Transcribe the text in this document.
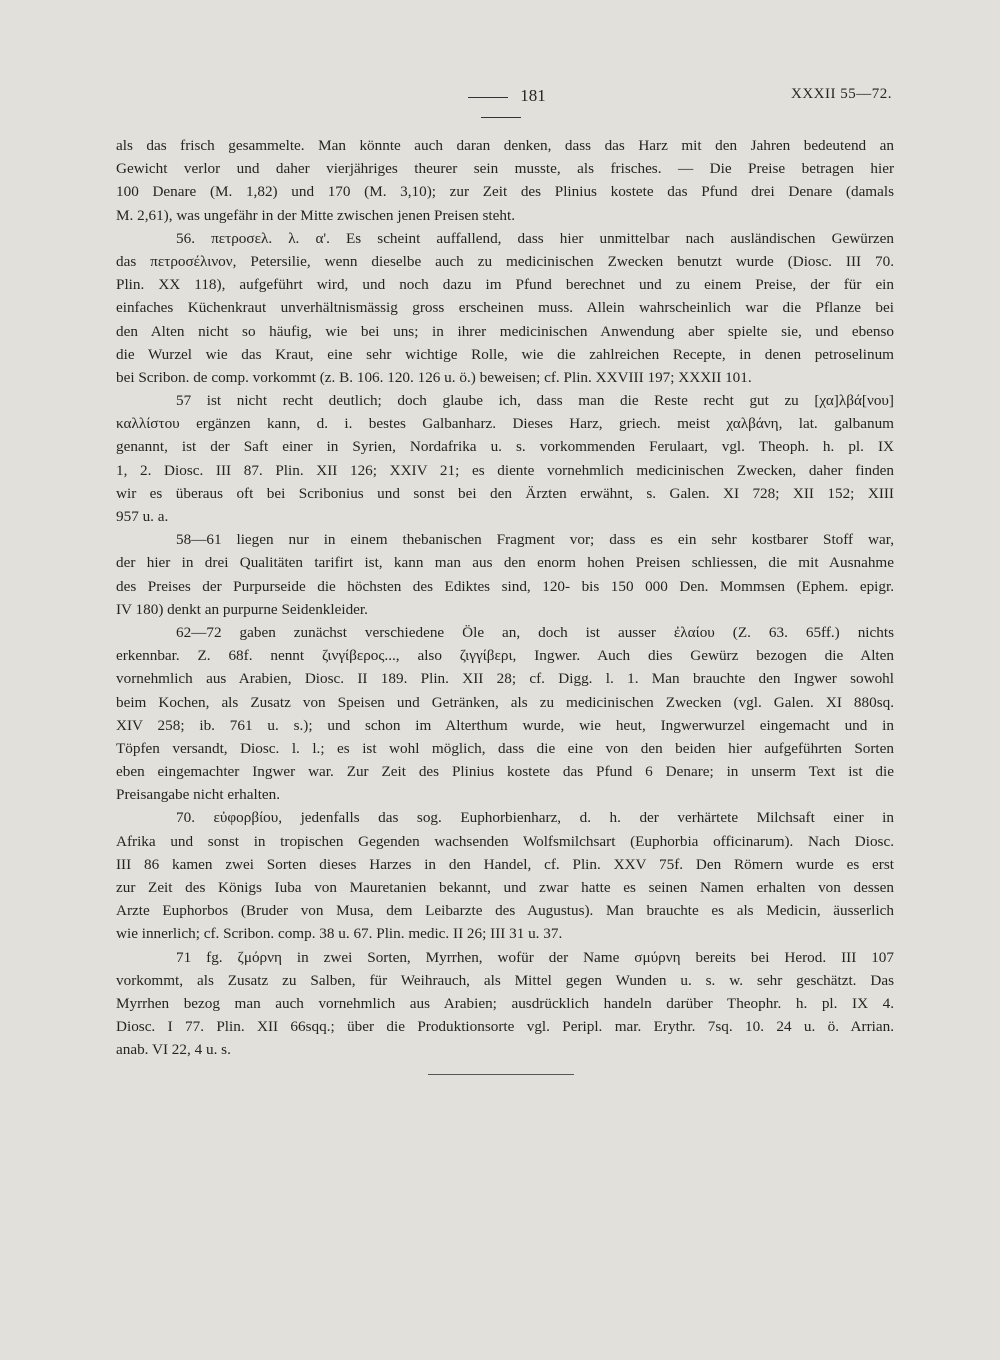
181	XXXII 55—72.
als das frisch gesammelte. Man könnte auch daran denken, dass das Harz mit den Jahren bedeutend an
Gewicht verlor und daher vierjähriges theurer sein musste, als frisches. — Die Preise betragen hier
100 Denare (M. 1,82) und 170 (M. 3,10); zur Zeit des Plinius kostete das Pfund drei Denare (damals
M. 2,61), was ungefähr in der Mitte zwischen jenen Preisen steht.
56. πετροσελ. λ. α'. Es scheint auffallend, dass hier unmittelbar nach ausländischen Gewürzen
das πετροσέλινον, Petersilie, wenn dieselbe auch zu medicinischen Zwecken benutzt wurde (Diosc. III 70.
Plin. XX 118), aufgeführt wird, und noch dazu im Pfund berechnet und zu einem Preise, der für ein
einfaches Küchenkraut unverhältnismässig gross erscheinen muss. Allein wahrscheinlich war die Pflanze bei
den Alten nicht so häufig, wie bei uns; in ihrer medicinischen Anwendung aber spielte sie, und ebenso
die Wurzel wie das Kraut, eine sehr wichtige Rolle, wie die zahlreichen Recepte, in denen petroselinum
bei Scribon. de comp. vorkommt (z. B. 106. 120. 126 u. ö.) beweisen; cf. Plin. XXVIII 197; XXXII 101.
57 ist nicht recht deutlich; doch glaube ich, dass man die Reste recht gut zu [χα]λβά[νου]
καλλίστου ergänzen kann, d. i. bestes Galbanharz. Dieses Harz, griech. meist χαλβάνη, lat. galbanum
genannt, ist der Saft einer in Syrien, Nordafrika u. s. vorkommenden Ferulaart, vgl. Theoph. h. pl. IX
1, 2. Diosc. III 87. Plin. XII 126; XXIV 21; es diente vornehmlich medicinischen Zwecken, daher finden
wir es überaus oft bei Scribonius und sonst bei den Ärzten erwähnt, s. Galen. XI 728; XII 152; XIII
957 u. a.
58—61 liegen nur in einem thebanischen Fragment vor; dass es ein sehr kostbarer Stoff war,
der hier in drei Qualitäten tarifirt ist, kann man aus den enorm hohen Preisen schliessen, die mit Ausnahme
des Preises der Purpurseide die höchsten des Ediktes sind, 120- bis 150 000 Den. Mommsen (Ephem. epigr.
IV 180) denkt an purpurne Seidenkleider.
62—72 gaben zunächst verschiedene Öle an, doch ist ausser ἐλαίου (Z. 63. 65ff.) nichts
erkennbar. Z. 68f. nennt ζινγίβερος..., also ζιγγίβερι, Ingwer. Auch dies Gewürz bezogen die Alten
vornehmlich aus Arabien, Diosc. II 189. Plin. XII 28; cf. Digg. l. 1. Man brauchte den Ingwer sowohl
beim Kochen, als Zusatz von Speisen und Getränken, als zu medicinischen Zwecken (vgl. Galen. XI 880sq.
XIV 258; ib. 761 u. s.); und schon im Alterthum wurde, wie heut, Ingwerwurzel eingemacht und in
Töpfen versandt, Diosc. l. l.; es ist wohl möglich, dass die eine von den beiden hier aufgeführten Sorten
eben eingemachter Ingwer war. Zur Zeit des Plinius kostete das Pfund 6 Denare; in unserm Text ist die
Preisangabe nicht erhalten.
70. εὐφορβίου, jedenfalls das sog. Euphorbienharz, d. h. der verhärtete Milchsaft einer in
Afrika und sonst in tropischen Gegenden wachsenden Wolfsmilchsart (Euphorbia officinarum). Nach Diosc.
III 86 kamen zwei Sorten dieses Harzes in den Handel, cf. Plin. XXV 75f. Den Römern wurde es erst
zur Zeit des Königs Iuba von Mauretanien bekannt, und zwar hatte es seinen Namen erhalten von dessen
Arzte Euphorbos (Bruder von Musa, dem Leibarzte des Augustus). Man brauchte es als Medicin, äusserlich
wie innerlich; cf. Scribon. comp. 38 u. 67. Plin. medic. II 26; III 31 u. 37.
71 fg. ζμόρνη in zwei Sorten, Myrrhen, wofür der Name σμύρνη bereits bei Herod. III 107
vorkommt, als Zusatz zu Salben, für Weihrauch, als Mittel gegen Wunden u. s. w. sehr geschätzt. Das
Myrrhen bezog man auch vornehmlich aus Arabien; ausdrücklich handeln darüber Theophr. h. pl. IX 4.
Diosc. I 77. Plin. XII 66sqq.; über die Produktionsorte vgl. Peripl. mar. Erythr. 7sq. 10. 24 u. ö. Arrian.
anab. VI 22, 4 u. s.
